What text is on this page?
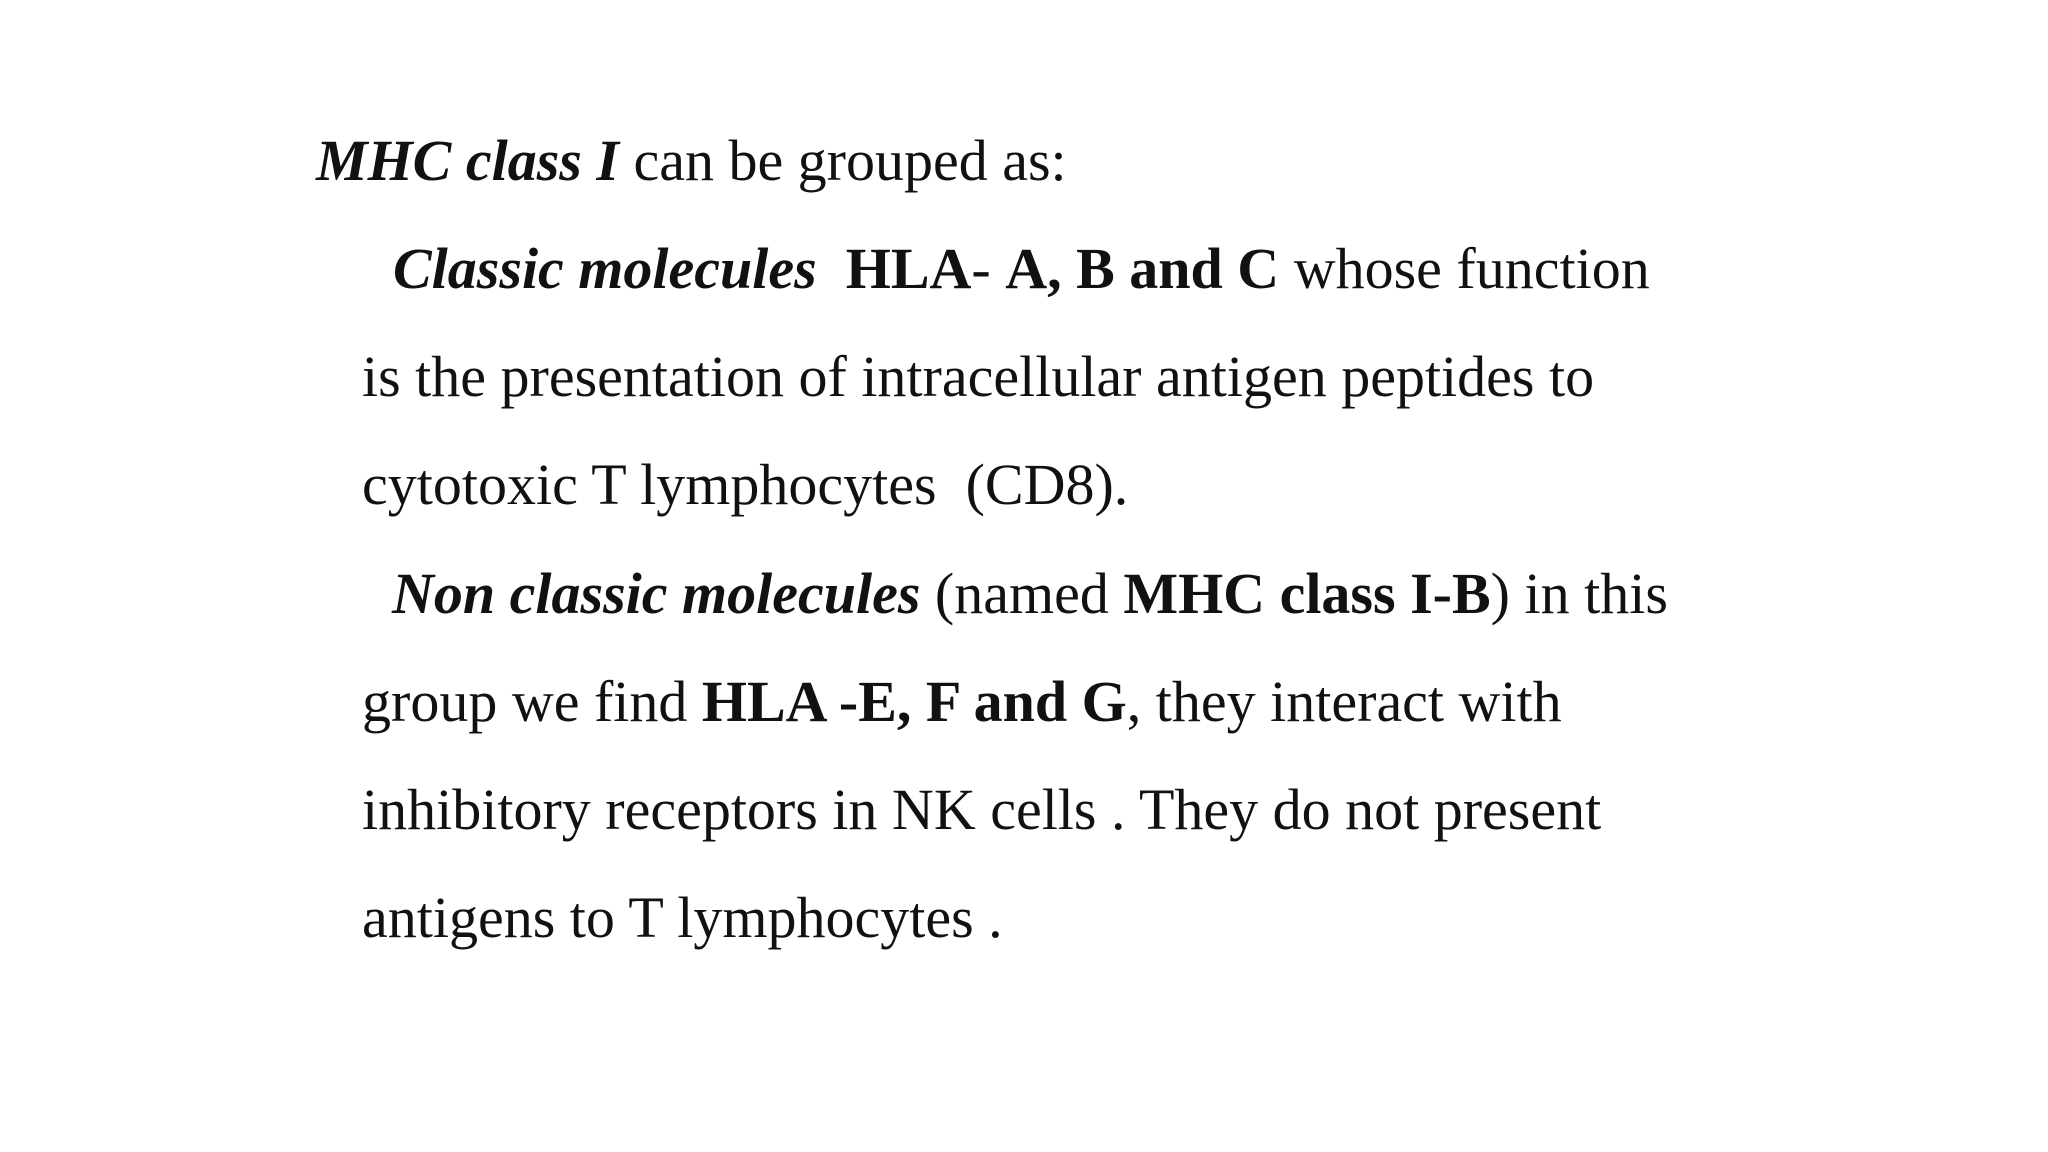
MHC class I can be grouped as:
Classic molecules HLA- A, B and C whose function
is the presentation of intracellular antigen peptides to
cytotoxic T lymphocytes  (CD8).
Non classic molecules (named MHC class I-B) in this
group we find HLA -E, F and G, they interact with
inhibitory receptors in NK cells . They do not present
antigens to T lymphocytes .
